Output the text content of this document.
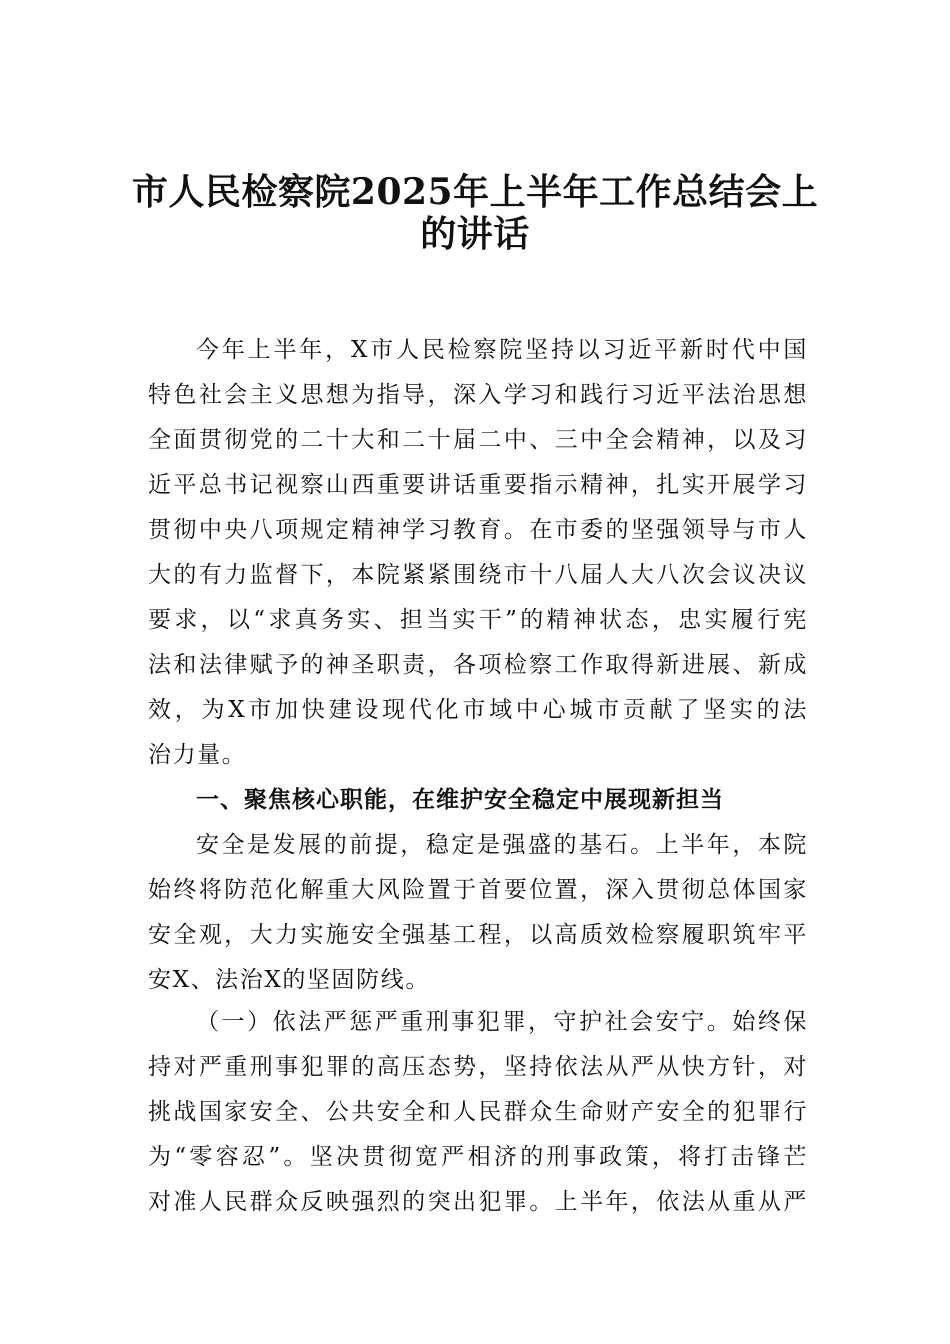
市人民检察院2025年上半年工作总结会上
的讲话
今年上半年，X市人民检察院坚持以习近平新时代中国
特色社会主义思想为指导，深入学习和践行习近平法治思想
全面贯彻党的二十大和二十届二中、三中全会精神，以及习
近平总书记视察山西重要讲话重要指示精神，扎实开展学习
贯彻中央八项规定精神学习教育。在市委的坚强领导与市人
大的有力监督下，本院紧紧围绕市十八届人大八次会议决议
要求，以“求真务实、担当实干”的精神状态，忠实履行宪
法和法律赋予的神圣职责，各项检察工作取得新进展、新成
效，为X市加快建设现代化市域中心城市贡献了坚实的法
治力量。
一、聚焦核心职能，在维护安全稳定中展现新担当
安全是发展的前提，稳定是强盛的基石。上半年，本院
始终将防范化解重大风险置于首要位置，深入贯彻总体国家
安全观，大力实施安全强基工程，以高质效检察履职筑牢平
安X、法治X的坚固防线。
（一）依法严惩严重刑事犯罪，守护社会安宁。始终保
持对严重刑事犯罪的高压态势，坚持依法从严从快方针，对
挑战国家安全、公共安全和人民群众生命财产安全的犯罪行
为“零容忍”。坚决贯彻宽严相济的刑事政策，将打击锋芒
对准人民群众反映强烈的突出犯罪。上半年，依法从重从严
